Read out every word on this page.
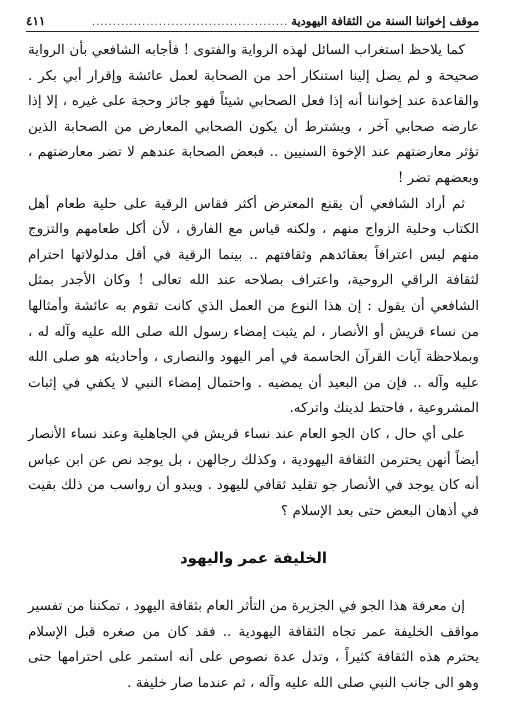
موقف إخواننا السنة من الثقافة اليهودية
...............................................
٤١١

كما يلاحظ استغراب السائل لهذه الرواية والفتوى ! فأجابه الشافعي بأن الرواية صحيحة و لم يصل إلينا استنكار أحد من الصحابة لعمل عائشة وإقرار أبي بكر . والقاعدة عند إخواننا أنه إذا فعل الصحابي شيئاً فهو جائز وحجة على غيره ، إلا إذا عارضه صحابي آخر ، ويشترط أن يكون الصحابي المعارض من الصحابة الذين تؤثر معارضتهم عند الإخوة السنيين .. فبعض الصحابة عندهم لا تضر معارضتهم ، وبعضهم تضر !

ثم أراد الشافعي أن يقنع المعترض أكثر فقاس الرقية على حلية طعام أهل الكتاب وحلية الزواج منهم ، ولكنه قياس مع الفارق ، لأن أكل طعامهم والتزوج منهم ليس اعترافاً بعقائدهم وثقافتهم .. بينما الرقية في أقل مدلولاتها احترام لثقافة الراقي الروحية، واعتراف بصلاحه عند الله تعالى ! وكان الأجدر بمثل الشافعي أن يقول : إن هذا النوع من العمل الذي كانت تقوم به عائشة وأمثالها من نساء قريش أو الأنصار ، لم يثبت إمضاء رسول الله صلى الله عليه وآله له ، وبملاحظة آيات القرآن الحاسمة في أمر اليهود والنصارى ، وأحاديثه هو صلى الله عليه وآله .. فإن من البعيد أن يمضيه . واحتمال إمضاء النبي لا يكفي في إثبات المشروعية ، فاحتط لدينك واتركه.

على أي حال ، كان الجو العام عند نساء قريش في الجاهلية وعند نساء الأنصار أيضاً أنهن يحترمن الثقافة اليهودية ، وكذلك رجالهن ، بل يوجد نص عن ابن عباس أنه كان يوجد في الأنصار جو تقليد ثقافي لليهود . ويبدو أن رواسب من ذلك بقيت في أذهان البعض حتى بعد الإسلام ؟

الخليفة عمر واليهود

إن معرفة هذا الجو في الجزيرة من التأثر العام بثقافة اليهود ، تمكننا من تفسير مواقف الخليفة عمر تجاه الثقافة اليهودية .. فقد كان من صغره قبل الإسلام يحترم هذه الثقافة كثيراً ، وتدل عدة نصوص على أنه استمر على احترامها حتى وهو الى جانب النبي صلى الله عليه وآله ، ثم عندما صار خليفة .
